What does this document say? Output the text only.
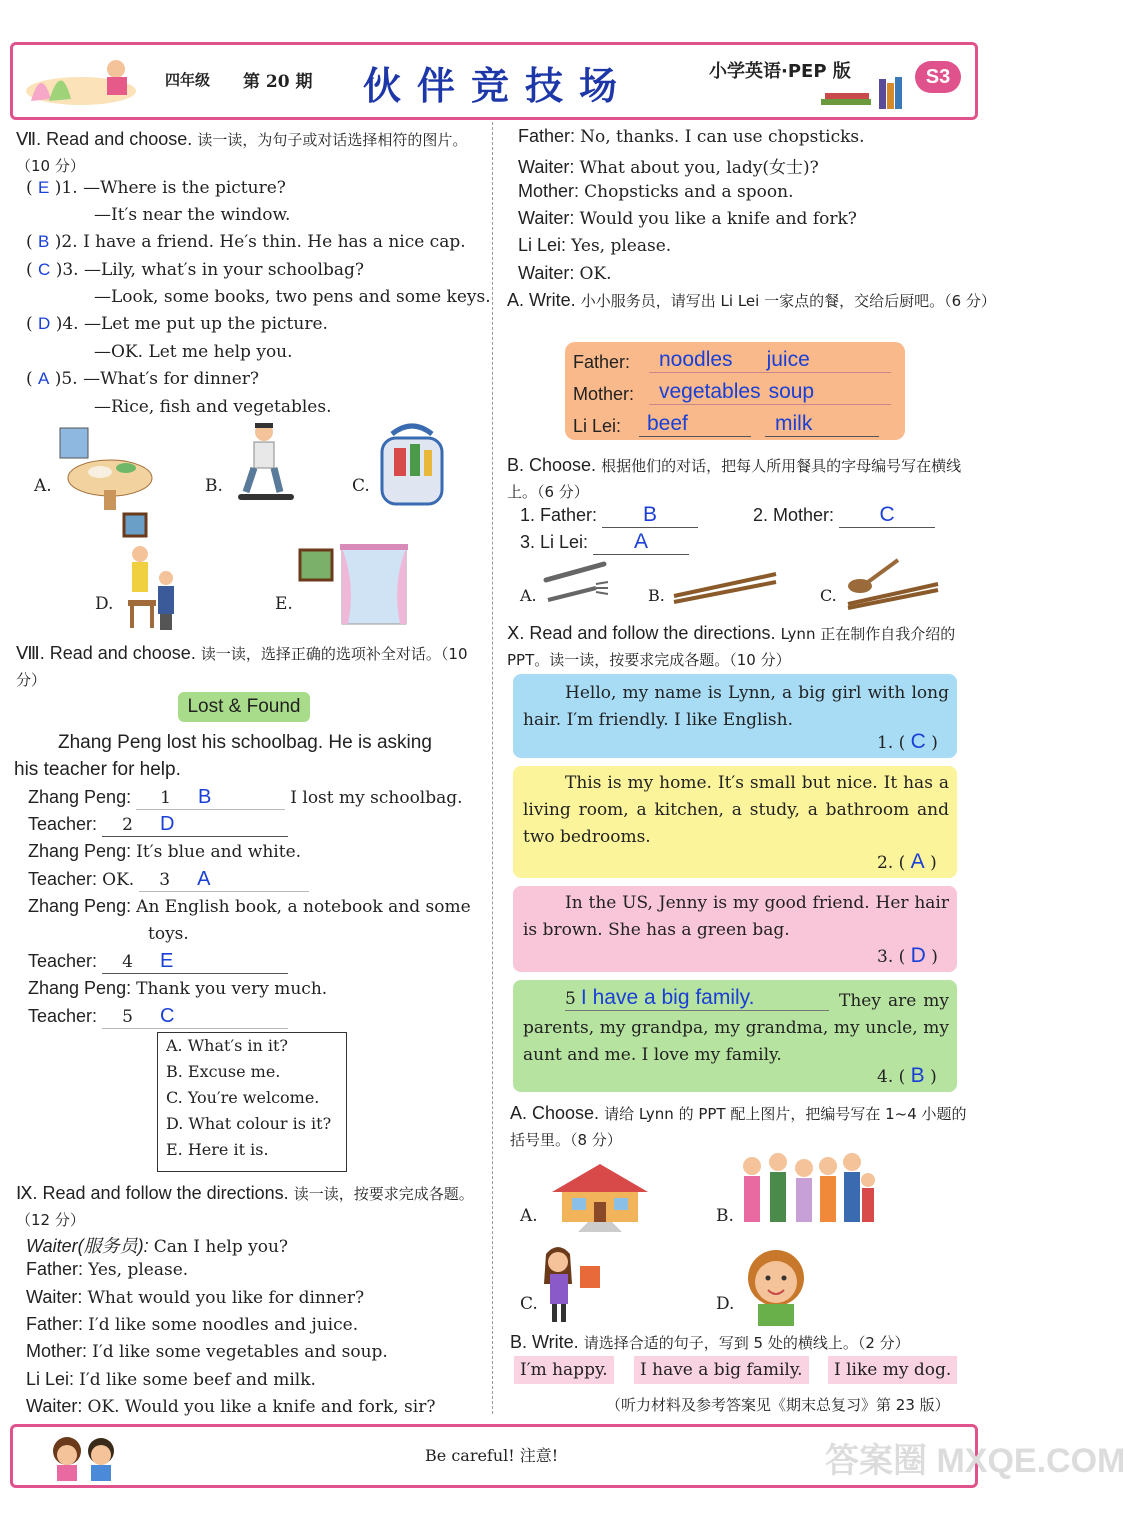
四年级 第 20 期 伙伴竞技场	小学英语·PEP 版	S3
Ⅶ. Read and choose. 读一读，为句子或对话选择相符的图片。（10 分）
( E )1. —Where is the picture?
—It′s near the window.
( B )2. I have a friend. He′s thin. He has a nice cap.
( C )3. —Lily, what′s in your schoolbag?
—Look, some books, two pens and some keys.
( D )4. —Let me put up the picture.
—OK. Let me help you.
( A )5. —What′s for dinner?
—Rice, fish and vegetables.
A.	B.	C.
D.	E.
Ⅷ. Read and choose. 读一读，选择正确的选项补全对话。（10 分）
Lost & Found
Zhang Peng lost his schoolbag. He is asking
his teacher for help.
Zhang Peng: 1     B	I lost my schoolbag.
Teacher: 2     D
Zhang Peng: It′s blue and white.
Teacher: OK. 3     A
Zhang Peng: An English book, a notebook and some
toys.
Teacher: 4     E
Zhang Peng: Thank you very much.
Teacher: 5     C
A. What′s in it?
B. Excuse me.
C. You′re welcome.
D. What colour is it?
E. Here it is.
Ⅸ. Read and follow the directions. 读一读，按要求完成各题。（12 分）
Waiter(服务员): Can I help you?
Father: Yes, please.
Waiter: What would you like for dinner?
Father: I′d like some noodles and juice.
Mother: I′d like some vegetables and soup.
Li Lei: I′d like some beef and milk.
Waiter: OK. Would you like a knife and fork, sir?
Father: No, thanks. I can use chopsticks.
Waiter: What about you, lady(女士)?
Mother: Chopsticks and a spoon.
Waiter: Would you like a knife and fork?
Li Lei: Yes, please.
Waiter: OK.
A. Write. 小小服务员，请写出 Li Lei 一家点的餐，交给后厨吧。（6 分）
Father:	noodles juice
Mother:	vegetables soup
Li Lei:	beef	milk
B. Choose. 根据他们的对话，把每人所用餐具的字母编号写在横线上。（6 分）
1. Father: B	2. Mother: C
3. Li Lei: A
A.	B.	C.
Ⅹ. Read and follow the directions. Lynn 正在制作自我介绍的 PPT。读一读，按要求完成各题。（10 分）
Hello, my name is Lynn, a big girl with long hair. I′m friendly. I like English.
1. ( C )
This is my home. It′s small but nice. It has a living room, a kitchen, a study, a bathroom and two bedrooms.
2. ( A )
In the US, Jenny is my good friend. Her hair is brown. She has a green bag.
3. ( D )
5 I have a big family.	They are my parents, my grandpa, my grandma, my uncle, my aunt and me. I love my family.
4. ( B )
A. Choose. 请给 Lynn 的 PPT 配上图片，把编号写在 1~4 小题的括号里。（8 分）
A.	B.
C.	D.
B. Write. 请选择合适的句子，写到 5 处的横线上。（2 分）
I′m happy.	I have a big family.	I like my dog.
（听力材料及参考答案见《期末总复习》第 23 版）
Be careful! 注意!	答案圈 MXQE.COM
